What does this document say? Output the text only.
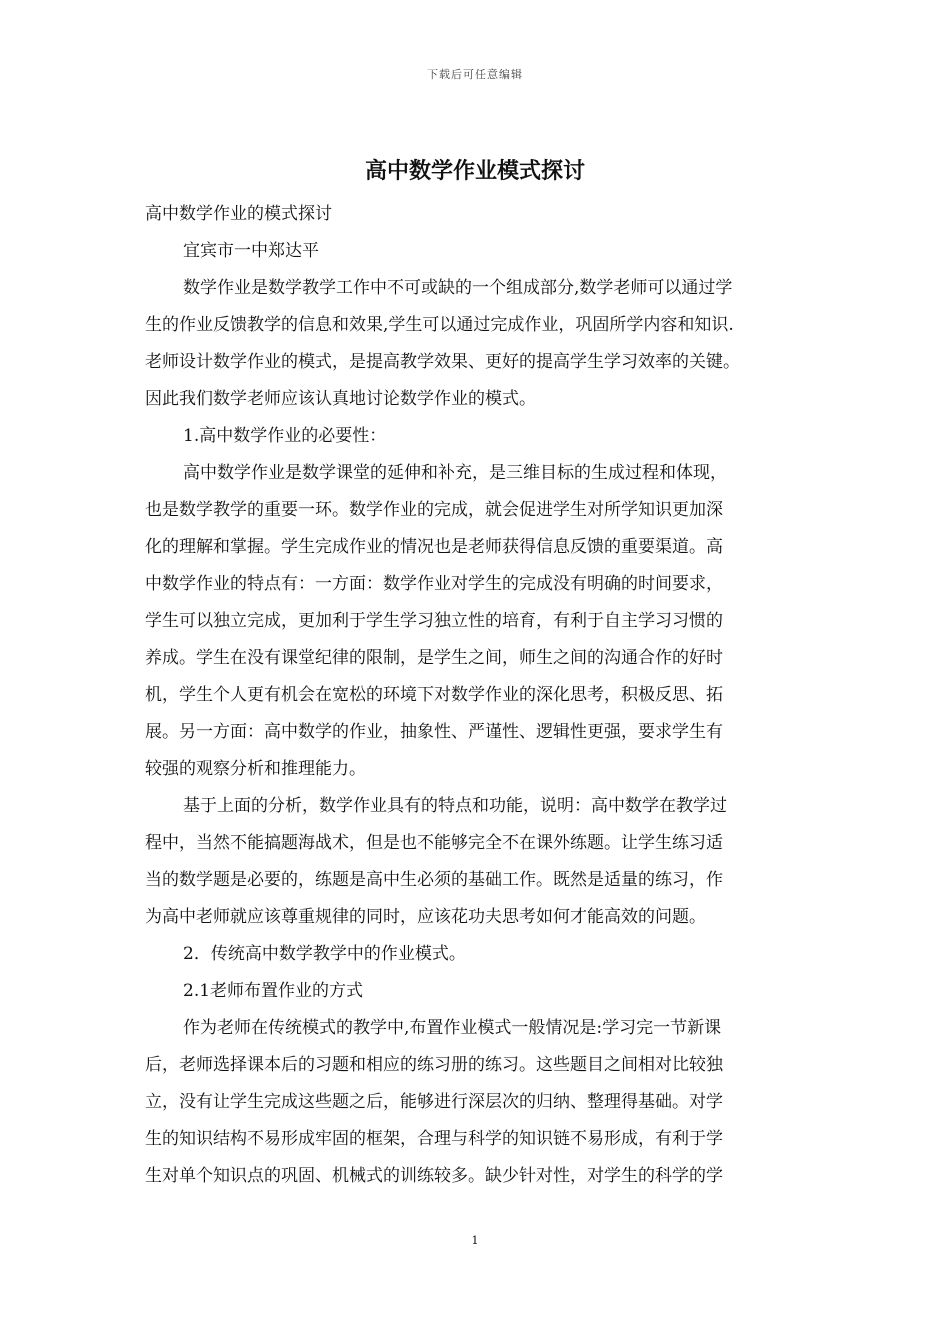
下载后可任意编辑
高中数学作业模式探讨
高中数学作业的模式探讨
宜宾市一中郑达平
数学作业是数学教学工作中不可或缺的一个组成部分,数学老师可以通过学
生的作业反馈教学的信息和效果,学生可以通过完成作业，巩固所学内容和知识.
老师设计数学作业的模式，是提高教学效果、更好的提高学生学习效率的关键。
因此我们数学老师应该认真地讨论数学作业的模式。
1.高中数学作业的必要性：
高中数学作业是数学课堂的延伸和补充，是三维目标的生成过程和体现，
也是数学教学的重要一环。数学作业的完成，就会促进学生对所学知识更加深
化的理解和掌握。学生完成作业的情况也是老师获得信息反馈的重要渠道。高
中数学作业的特点有：一方面：数学作业对学生的完成没有明确的时间要求，
学生可以独立完成，更加利于学生学习独立性的培育，有利于自主学习习惯的
养成。学生在没有课堂纪律的限制，是学生之间，师生之间的沟通合作的好时
机，学生个人更有机会在宽松的环境下对数学作业的深化思考，积极反思、拓
展。另一方面：高中数学的作业，抽象性、严谨性、逻辑性更强，要求学生有
较强的观察分析和推理能力。
基于上面的分析，数学作业具有的特点和功能，说明：高中数学在教学过
程中，当然不能搞题海战术，但是也不能够完全不在课外练题。让学生练习适
当的数学题是必要的，练题是高中生必须的基础工作。既然是适量的练习，作
为高中老师就应该尊重规律的同时，应该花功夫思考如何才能高效的问题。
2．传统高中数学教学中的作业模式。
2.1老师布置作业的方式
作为老师在传统模式的教学中,布置作业模式一般情况是:学习完一节新课
后，老师选择课本后的习题和相应的练习册的练习。这些题目之间相对比较独
立，没有让学生完成这些题之后，能够进行深层次的归纳、整理得基础。对学
生的知识结构不易形成牢固的框架，合理与科学的知识链不易形成，有利于学
生对单个知识点的巩固、机械式的训练较多。缺少针对性，对学生的科学的学
1
